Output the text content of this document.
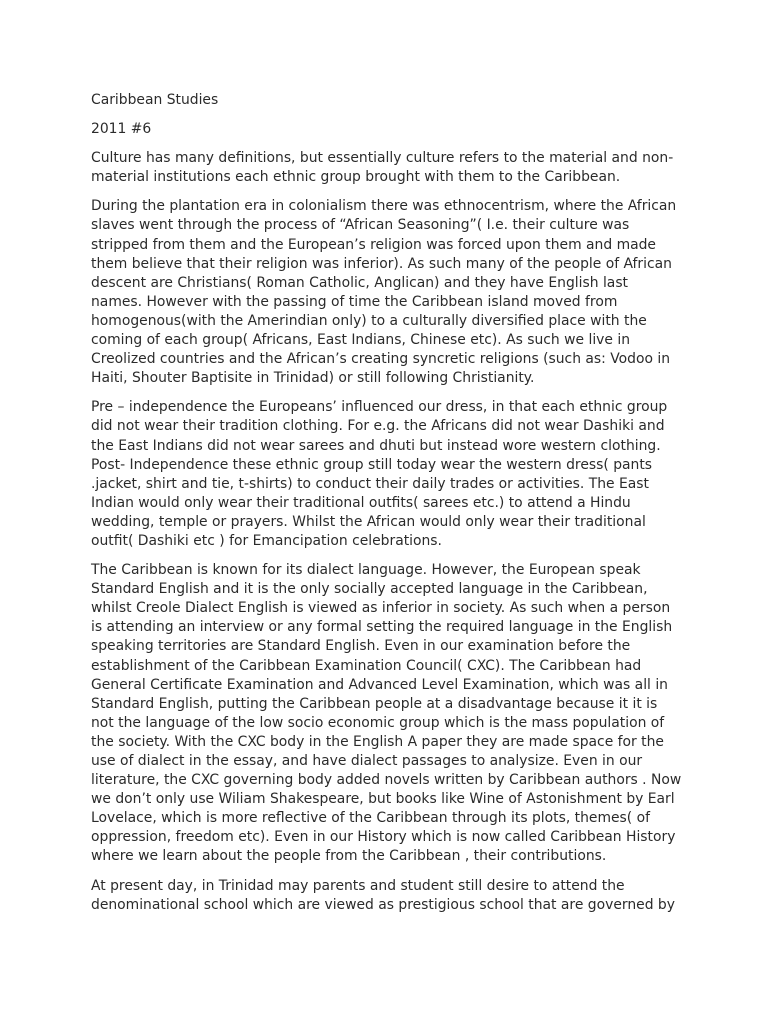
Caribbean Studies

2011 #6

Culture has many definitions, but essentially culture refers to the material and non-
material institutions each ethnic group brought with them to the Caribbean.

During the plantation era in colonialism there was ethnocentrism, where the African
slaves went through the process of “African Seasoning”( I.e. their culture was
stripped from them and the European’s religion was forced upon them and made
them believe that their religion was inferior). As such many of the people of African
descent are Christians( Roman Catholic, Anglican) and they have English last
names. However with the passing of time the Caribbean island moved from
homogenous(with the Amerindian only) to a culturally diversified place with the
coming of each group( Africans, East Indians, Chinese etc). As such we live in
Creolized countries and the African’s creating syncretic religions (such as: Vodoo in
Haiti, Shouter Baptisite in Trinidad) or still following Christianity.

Pre – independence the Europeans’ influenced our dress, in that each ethnic group
did not wear their tradition clothing. For e.g. the Africans did not wear Dashiki and
the East Indians did not wear sarees and dhuti but instead wore western clothing.
Post- Independence these ethnic group still today wear the western dress( pants
.jacket, shirt and tie, t-shirts) to conduct their daily trades or activities. The East
Indian would only wear their traditional outfits( sarees etc.) to attend a Hindu
wedding, temple or prayers. Whilst the African would only wear their traditional
outfit( Dashiki etc ) for Emancipation celebrations.

The Caribbean is known for its dialect language. However, the European speak
Standard English and it is the only socially accepted language in the Caribbean,
whilst Creole Dialect English is viewed as inferior in society. As such when a person
is attending an interview or any formal setting the required language in the English
speaking territories are Standard English. Even in our examination before the
establishment of the Caribbean Examination Council( CXC). The Caribbean had
General Certificate Examination and Advanced Level Examination, which was all in
Standard English, putting the Caribbean people at a disadvantage because it it is
not the language of the low socio economic group which is the mass population of
the society. With the CXC body in the English A paper they are made space for the
use of dialect in the essay, and have dialect passages to analysize. Even in our
literature, the CXC governing body added novels written by Caribbean authors . Now
we don’t only use Wiliam Shakespeare, but books like Wine of Astonishment by Earl
Lovelace, which is more reflective of the Caribbean through its plots, themes( of
oppression, freedom etc). Even in our History which is now called Caribbean History
where we learn about the people from the Caribbean , their contributions.

At present day, in Trinidad may parents and student still desire to attend the
denominational school which are viewed as prestigious school that are governed by
